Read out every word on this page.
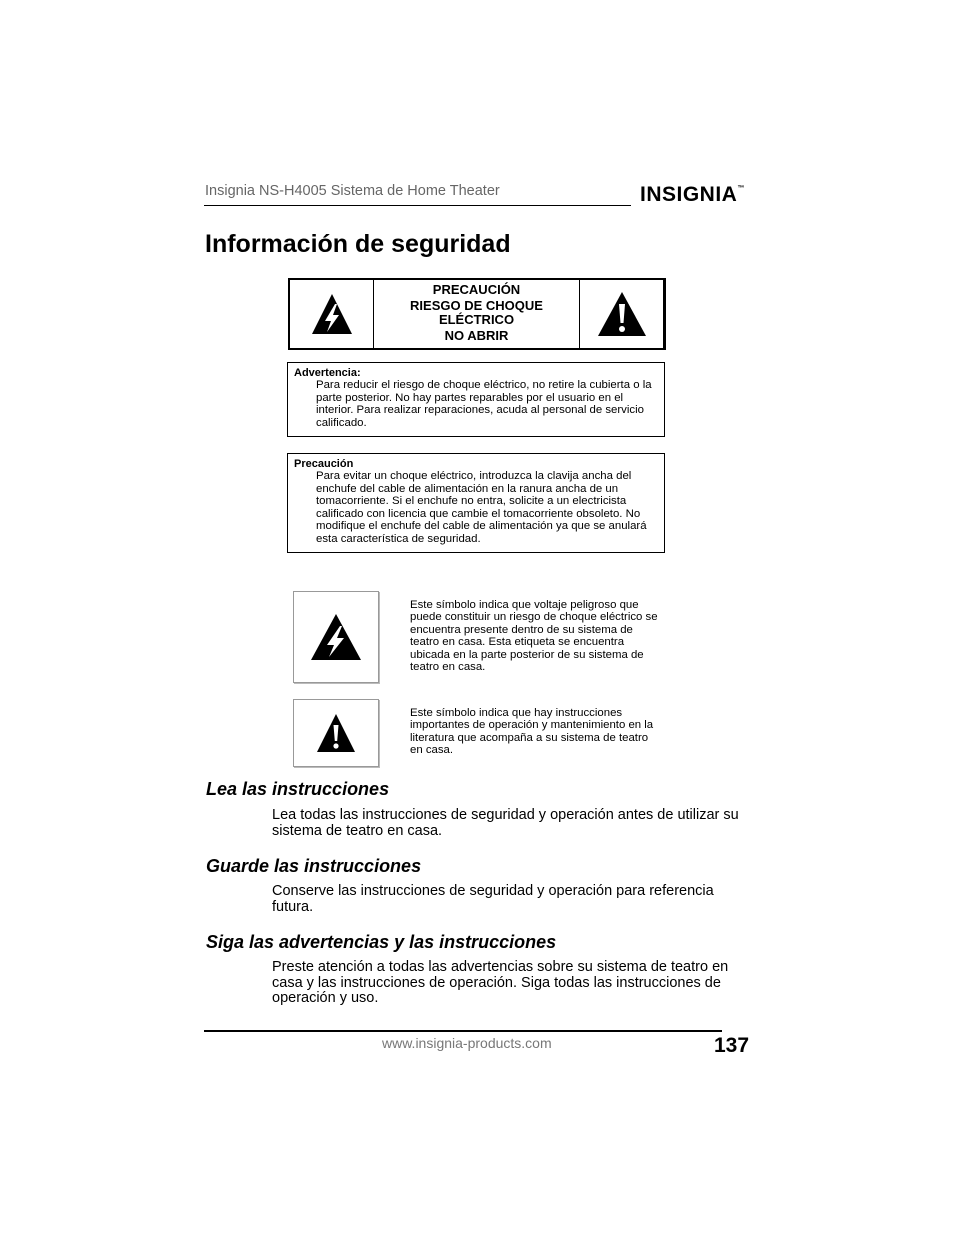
Insignia NS-H4005 Sistema de Home Theater	INSIGNIA™
Información de seguridad
PRECAUCIÓN
RIESGO DE CHOQUE
ELÉCTRICO
NO ABRIR
Advertencia:
Para reducir el riesgo de choque eléctrico, no retire la cubierta o la parte posterior. No hay partes reparables por el usuario en el interior. Para realizar reparaciones, acuda al personal de servicio calificado.
Precaución
Para evitar un choque eléctrico, introduzca la clavija ancha del enchufe del cable de alimentación en la ranura ancha de un tomacorriente. Si el enchufe no entra, solicite a un electricista calificado con licencia que cambie el tomacorriente obsoleto. No modifique el enchufe del cable de alimentación ya que se anulará esta característica de seguridad.
Este símbolo indica que voltaje peligroso que puede constituir un riesgo de choque eléctrico se encuentra presente dentro de su sistema de teatro en casa. Esta etiqueta se encuentra ubicada en la parte posterior de su sistema de teatro en casa.
Este símbolo indica que hay instrucciones importantes de operación y mantenimiento en la literatura que acompaña a su sistema de teatro en casa.
Lea las instrucciones

Lea todas las instrucciones de seguridad y operación antes de utilizar su sistema de teatro en casa.

Guarde las instrucciones

Conserve las instrucciones de seguridad y operación para referencia futura.

Siga las advertencias y las instrucciones

Preste atención a todas las advertencias sobre su sistema de teatro en casa y las instrucciones de operación. Siga todas las instrucciones de operación y uso.

www.insignia-products.com	137
